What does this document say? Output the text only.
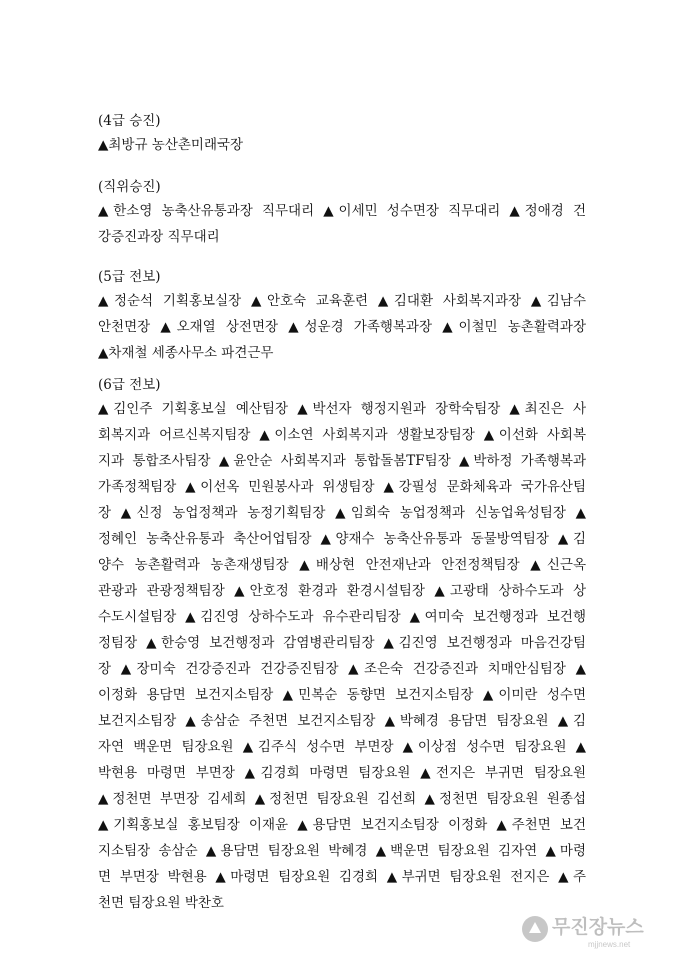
(4급 승진)
▲최방규 농산촌미래국장
(직위승진)
▲한소영 농축산유통과장 직무대리 ▲이세민 성수면장 직무대리 ▲정애경 건
강증진과장 직무대리
(5급 전보)
▲정순석 기획홍보실장 ▲안호숙 교육훈련 ▲김대환 사회복지과장 ▲김남수
안천면장 ▲오재열 상전면장 ▲성운경 가족행복과장 ▲이철민 농촌활력과장
▲차재철 세종사무소 파견근무
(6급 전보)
▲김인주 기획홍보실 예산팀장 ▲박선자 행정지원과 장학숙팀장 ▲최진은 사
회복지과 어르신복지팀장 ▲이소연 사회복지과 생활보장팀장 ▲이선화 사회복
지과 통합조사팀장 ▲윤안순 사회복지과 통합돌봄TF팀장 ▲박하정 가족행복과
가족정책팀장 ▲이선옥 민원봉사과 위생팀장 ▲강필성 문화체육과 국가유산팀
장 ▲신정 농업정책과 농정기획팀장 ▲임희숙 농업정책과 신농업육성팀장 ▲
정혜인 농축산유통과 축산어업팀장 ▲양재수 농축산유통과 동물방역팀장 ▲김
양수 농촌활력과 농촌재생팀장 ▲배상현 안전재난과 안전정책팀장 ▲신근옥
관광과 관광정책팀장 ▲안호정 환경과 환경시설팀장 ▲고광태 상하수도과 상
수도시설팀장 ▲김진영 상하수도과 유수관리팀장 ▲여미숙 보건행정과 보건행
정팀장 ▲한승영 보건행정과 감염병관리팀장 ▲김진영 보건행정과 마음건강팀
장 ▲장미숙 건강증진과 건강증진팀장 ▲조은숙 건강증진과 치매안심팀장 ▲
이정화 용담면 보건지소팀장 ▲민복순 동향면 보건지소팀장 ▲이미란 성수면
보건지소팀장 ▲송삼순 주천면 보건지소팀장 ▲박혜경 용담면 팀장요원 ▲김
자연 백운면 팀장요원 ▲김주식 성수면 부면장 ▲이상점 성수면 팀장요원 ▲
박현용 마령면 부면장 ▲김경희 마령면 팀장요원 ▲전지은 부귀면 팀장요원
▲정천면 부면장 김세희 ▲정천면 팀장요원 김선희 ▲정천면 팀장요원 원종섭
▲기획홍보실 홍보팀장 이재윤 ▲용담면 보건지소팀장 이정화 ▲주천면 보건
지소팀장 송삼순 ▲용담면 팀장요원 박혜경 ▲백운면 팀장요원 김자연 ▲마령
면 부면장 박현용 ▲마령면 팀장요원 김경희 ▲부귀면 팀장요원 전지은 ▲주
천면 팀장요원 박찬호
무진장뉴스
mjjnews.net
